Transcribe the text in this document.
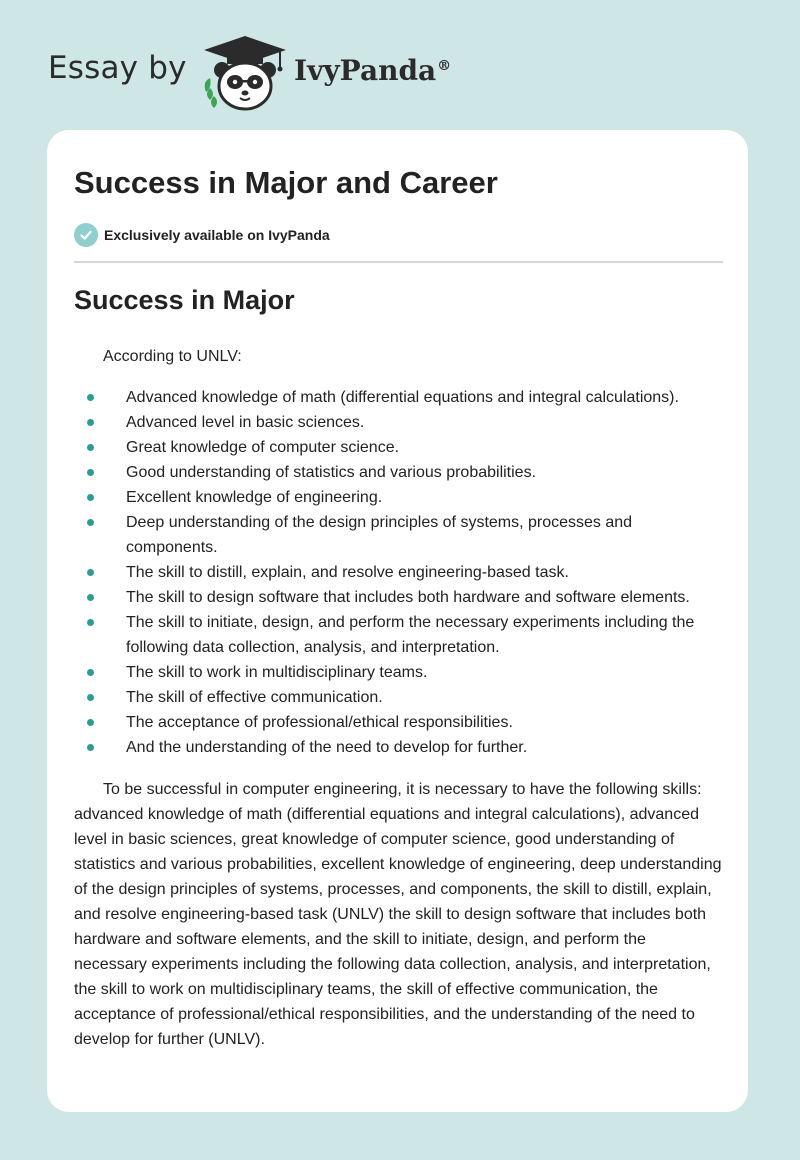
Essay by	IvyPanda®
Success in Major and Career
Exclusively available on IvyPanda
Success in Major

According to UNLV:

Advanced knowledge of math (differential equations and integral calculations).
Advanced level in basic sciences.
Great knowledge of computer science.
Good understanding of statistics and various probabilities.
Excellent knowledge of engineering.
Deep understanding of the design principles of systems, processes and components.
The skill to distill, explain, and resolve engineering-based task.
The skill to design software that includes both hardware and software elements.
The skill to initiate, design, and perform the necessary experiments including the following data collection, analysis, and interpretation.
The skill to work in multidisciplinary teams.
The skill of effective communication.
The acceptance of professional/ethical responsibilities.
And the understanding of the need to develop for further.

To be successful in computer engineering, it is necessary to have the following skills: advanced knowledge of math (differential equations and integral calculations), advanced level in basic sciences, great knowledge of computer science, good understanding of statistics and various probabilities, excellent knowledge of engineering, deep understanding of the design principles of systems, processes, and components, the skill to distill, explain, and resolve engineering-based task (UNLV) the skill to design software that includes both hardware and software elements, and the skill to initiate, design, and perform the necessary experiments including the following data collection, analysis, and interpretation, the skill to work on multidisciplinary teams, the skill of effective communication, the acceptance of professional/ethical responsibilities, and the understanding of the need to develop for further (UNLV).
